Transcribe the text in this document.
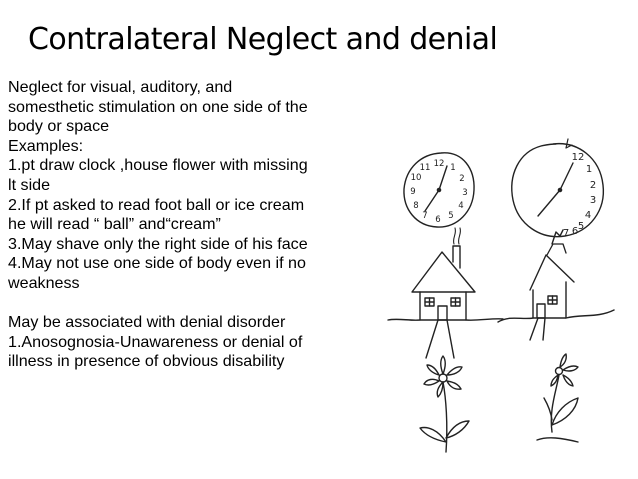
Contralateral Neglect and denial
Neglect for visual, auditory, and
somesthetic stimulation on one side of the
body or space
Examples:
1.pt draw clock ,house flower with missing
lt side
2.If pt asked to read foot ball or ice cream
he will read “ ball” and“cream”
3.May shave only the right side of his face
4.May not use one side of body even if no
weakness
May be associated with denial disorder
1.Anosognosia-Unawareness or denial of
illness in presence of obvious disability
12 1
2
3
4
5
6
7
8
9
10
11
12
1
2
3
4
5
6
7
